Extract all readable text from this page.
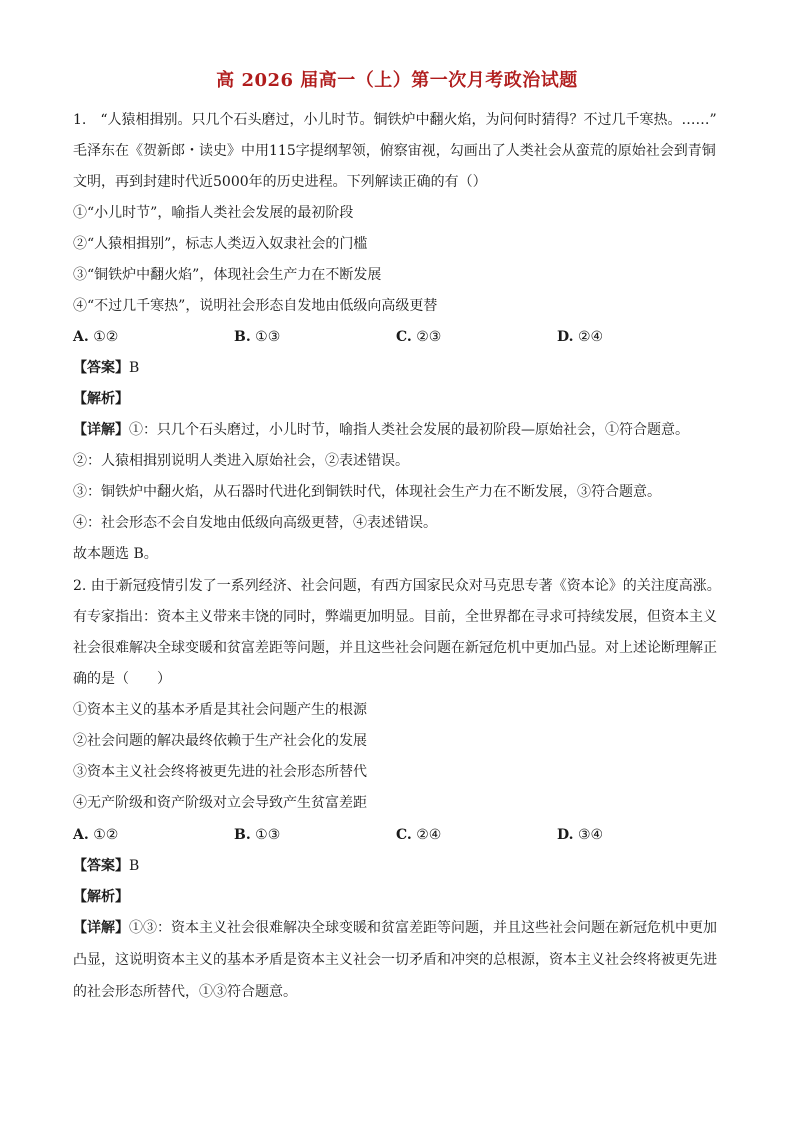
高 2026 届高一（上）第一次月考政治试题
1.　“人猿相揖别。只几个石头磨过，小儿时节。铜铁炉中翻火焰，为问何时猜得？不过几千寒热。……”
毛泽东在《贺新郎・读史》中用115字提纲挈领，俯察宙视，勾画出了人类社会从蛮荒的原始社会到青铜
文明，再到封建时代近5000年的历史进程。下列解读正确的有（）
①“小儿时节”，喻指人类社会发展的最初阶段
②“人猿相揖别”，标志人类迈入奴隶社会的门槛
③“铜铁炉中翻火焰”，体现社会生产力在不断发展
④“不过几千寒热”，说明社会形态自发地由低级向高级更替
A. ①②	B. ①③	C. ②③	D. ②④
【答案】B
【解析】
【详解】①：只几个石头磨过，小儿时节，喻指人类社会发展的最初阶段—原始社会，①符合题意。
②：人猿相揖别说明人类进入原始社会，②表述错误。
③：铜铁炉中翻火焰，从石器时代进化到铜铁时代，体现社会生产力在不断发展，③符合题意。
④：社会形态不会自发地由低级向高级更替，④表述错误。
故本题选 B。
2. 由于新冠疫情引发了一系列经济、社会问题，有西方国家民众对马克思专著《资本论》的关注度高涨。
有专家指出：资本主义带来丰饶的同时，弊端更加明显。目前，全世界都在寻求可持续发展，但资本主义
社会很难解决全球变暖和贫富差距等问题，并且这些社会问题在新冠危机中更加凸显。对上述论断理解正
确的是（　　）
①资本主义的基本矛盾是其社会问题产生的根源
②社会问题的解决最终依赖于生产社会化的发展
③资本主义社会终将被更先进的社会形态所替代
④无产阶级和资产阶级对立会导致产生贫富差距
A. ①②	B. ①③	C. ②④	D. ③④
【答案】B
【解析】
【详解】①③：资本主义社会很难解决全球变暖和贫富差距等问题，并且这些社会问题在新冠危机中更加
凸显，这说明资本主义的基本矛盾是资本主义社会一切矛盾和冲突的总根源，资本主义社会终将被更先进
的社会形态所替代，①③符合题意。
